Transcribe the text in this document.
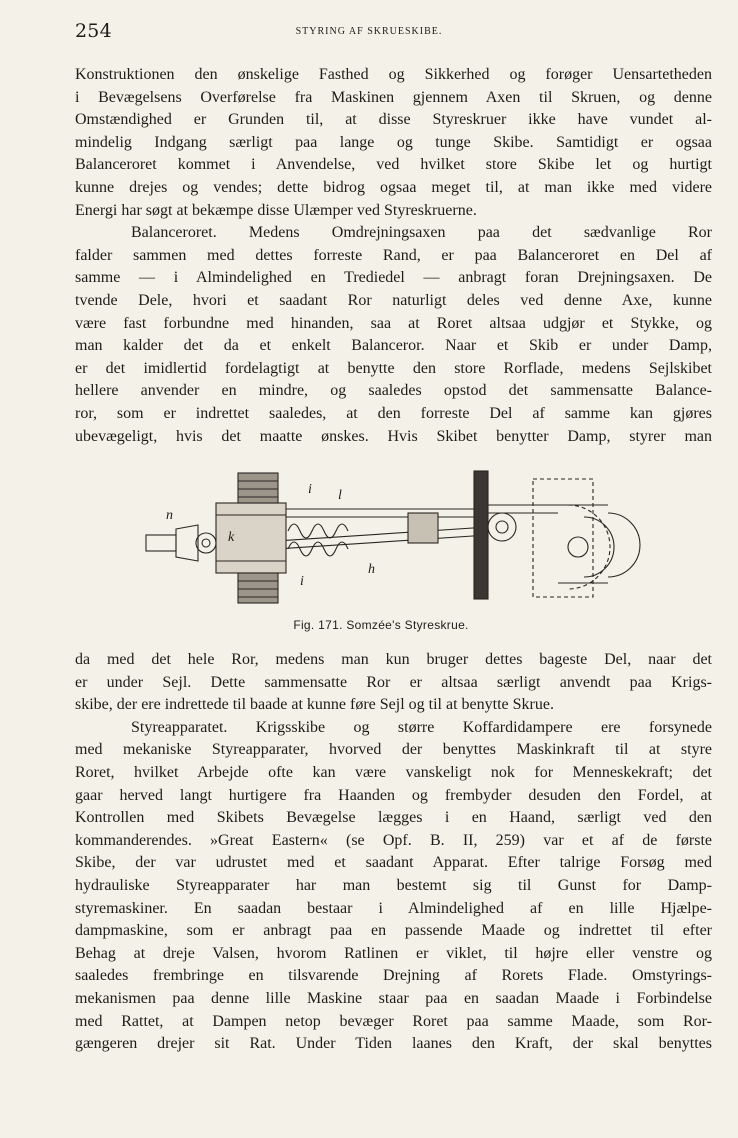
254	STYRING AF SKRUESKIBE.
Konstruktionen den ønskelige Fasthed og Sikkerhed og forøger Uensartetheden
i Bevægelsens Overførelse fra Maskinen gjennem Axen til Skruen, og denne
Omstændighed er Grunden til, at disse Styreskruer ikke have vundet al-
mindelig Indgang særligt paa lange og tunge Skibe. Samtidigt er ogsaa
Balanceroret kommet i Anvendelse, ved hvilket store Skibe let og hurtigt
kunne drejes og vendes; dette bidrog ogsaa meget til, at man ikke med videre
Energi har søgt at bekæmpe disse Ulæmper ved Styreskruerne.
Balanceroret. Medens Omdrejningsaxen paa det sædvanlige Ror
falder sammen med dettes forreste Rand, er paa Balanceroret en Del af
samme — i Almindelighed en Trediedel — anbragt foran Drejningsaxen. De
tvende Dele, hvori et saadant Ror naturligt deles ved denne Axe, kunne
være fast forbundne med hinanden, saa at Roret altsaa udgjør et Stykke, og
man kalder det da et enkelt Balanceror. Naar et Skib er under Damp,
er det imidlertid fordelagtigt at benytte den store Rorflade, medens Sejlskibet
hellere anvender en mindre, og saaledes opstod det sammensatte Balance-
ror, som er indrettet saaledes, at den forreste Del af samme kan gjøres
ubevægeligt, hvis det maatte ønskes. Hvis Skibet benytter Damp, styrer man
n
i l
k
i
h
Fig. 171. Somzée's Styreskrue.
da med det hele Ror, medens man kun bruger dettes bageste Del, naar det
er under Sejl. Dette sammensatte Ror er altsaa særligt anvendt paa Krigs-
skibe, der ere indrettede til baade at kunne føre Sejl og til at benytte Skrue.
Styreapparatet. Krigsskibe og større Koffardidampere ere forsynede
med mekaniske Styreapparater, hvorved der benyttes Maskinkraft til at styre
Roret, hvilket Arbejde ofte kan være vanskeligt nok for Menneskekraft; det
gaar herved langt hurtigere fra Haanden og frembyder desuden den Fordel, at
Kontrollen med Skibets Bevægelse lægges i en Haand, særligt ved den
kommanderendes. »Great Eastern« (se Opf. B. II, 259) var et af de første
Skibe, der var udrustet med et saadant Apparat. Efter talrige Forsøg med
hydrauliske Styreapparater har man bestemt sig til Gunst for Damp-
styremaskiner. En saadan bestaar i Almindelighed af en lille Hjælpe-
dampmaskine, som er anbragt paa en passende Maade og indrettet til efter
Behag at dreje Valsen, hvorom Ratlinen er viklet, til højre eller venstre og
saaledes frembringe en tilsvarende Drejning af Rorets Flade. Omstyrings-
mekanismen paa denne lille Maskine staar paa en saadan Maade i Forbindelse
med Rattet, at Dampen netop bevæger Roret paa samme Maade, som Ror-
gængeren drejer sit Rat. Under Tiden laanes den Kraft, der skal benyttes
